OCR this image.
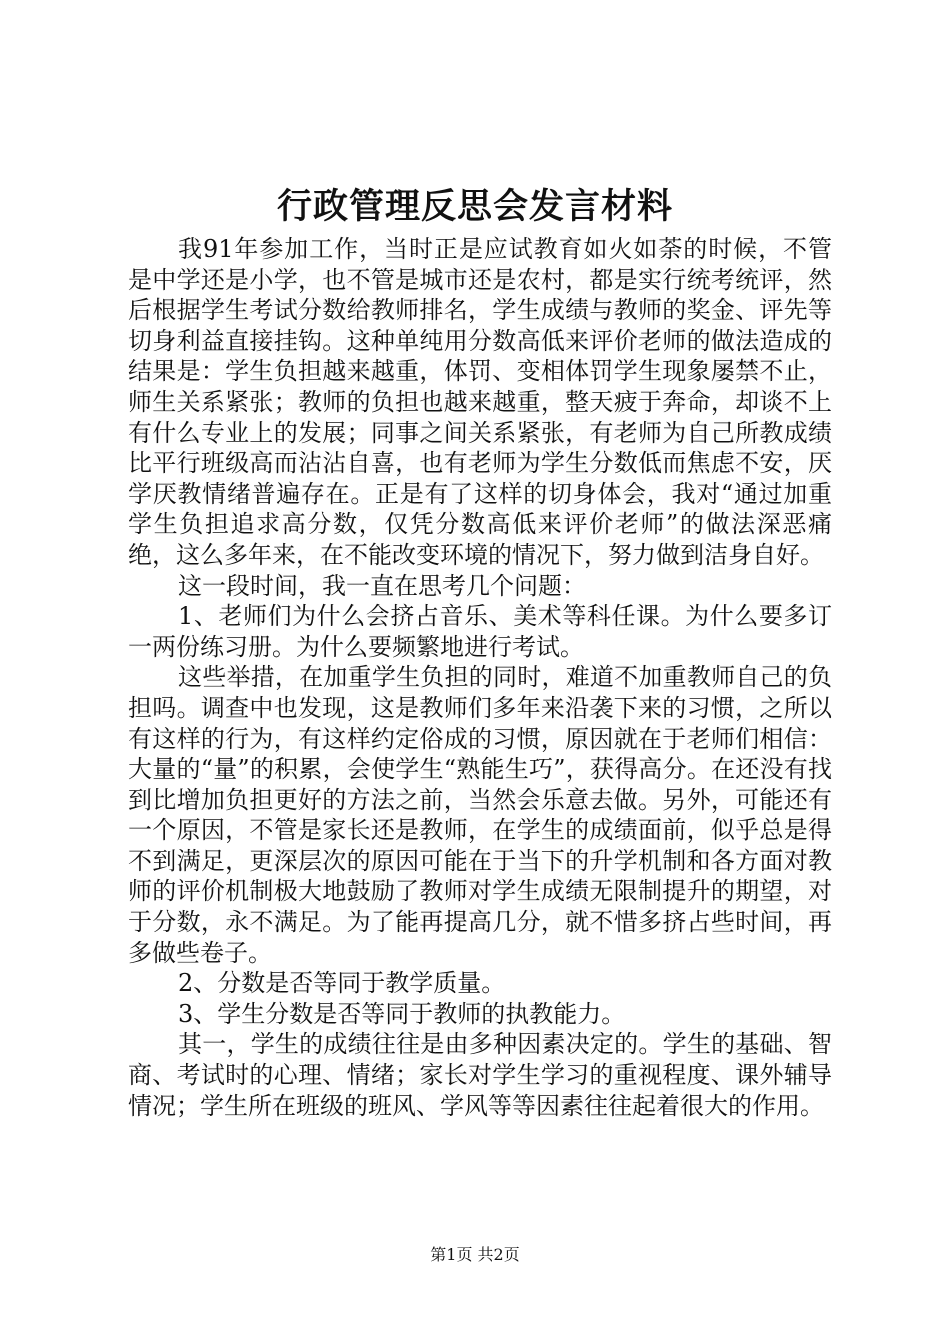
行政管理反思会发言材料

我91年参加工作，当时正是应试教育如火如荼的时候，不管是中学还是小学，也不管是城市还是农村，都是实行统考统评，然后根据学生考试分数给教师排名，学生成绩与教师的奖金、评先等切身利益直接挂钩。这种单纯用分数高低来评价老师的做法造成的结果是：学生负担越来越重，体罚、变相体罚学生现象屡禁不止，师生关系紧张；教师的负担也越来越重，整天疲于奔命，却谈不上有什么专业上的发展；同事之间关系紧张，有老师为自己所教成绩比平行班级高而沾沾自喜，也有老师为学生分数低而焦虑不安，厌学厌教情绪普遍存在。正是有了这样的切身体会，我对“通过加重学生负担追求高分数，仅凭分数高低来评价老师”的做法深恶痛绝，这么多年来，在不能改变环境的情况下，努力做到洁身自好。

这一段时间，我一直在思考几个问题：

1、老师们为什么会挤占音乐、美术等科任课。为什么要多订一两份练习册。为什么要频繁地进行考试。

这些举措，在加重学生负担的同时，难道不加重教师自己的负担吗。调查中也发现，这是教师们多年来沿袭下来的习惯，之所以有这样的行为，有这样约定俗成的习惯，原因就在于老师们相信：大量的“量”的积累，会使学生“熟能生巧”，获得高分。在还没有找到比增加负担更好的方法之前，当然会乐意去做。另外，可能还有一个原因，不管是家长还是教师，在学生的成绩面前，似乎总是得不到满足，更深层次的原因可能在于当下的升学机制和各方面对教师的评价机制极大地鼓励了教师对学生成绩无限制提升的期望，对于分数，永不满足。为了能再提高几分，就不惜多挤占些时间，再多做些卷子。

2、分数是否等同于教学质量。

3、学生分数是否等同于教师的执教能力。

其一，学生的成绩往往是由多种因素决定的。学生的基础、智商、考试时的心理、情绪；家长对学生学习的重视程度、课外辅导情况；学生所在班级的班风、学风等等因素往往起着很大的作用。

第1页 共2页
